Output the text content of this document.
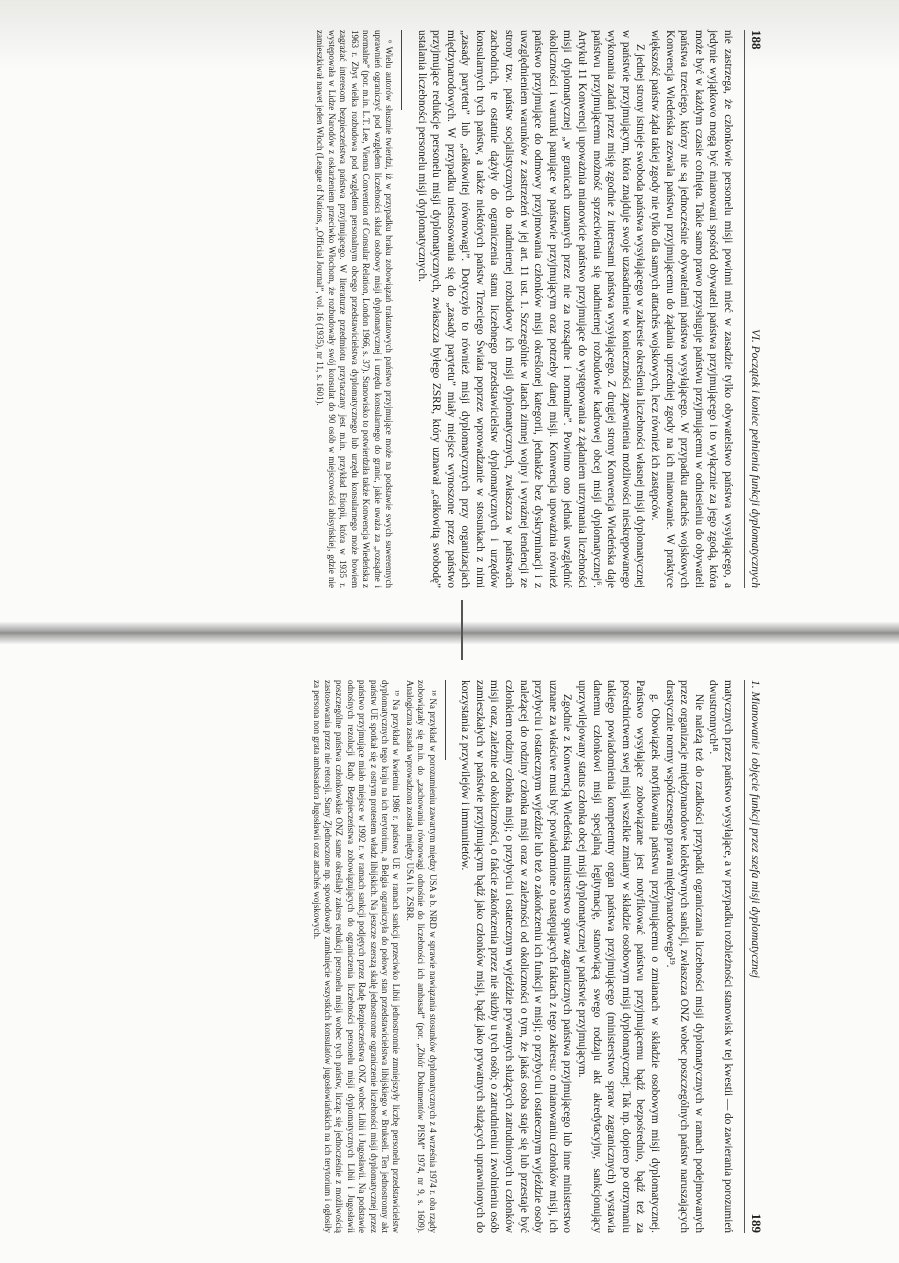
188
VI. Początek i koniec pełnienia funkcji dyplomatycznych

nie zastrzega, że członkowie personelu misji powinni mieć w zasadzie tylko obywatelstwo państwa wysyłającego, a jedynie wyjątkowo mogą być mianowani spośród obywateli państwa przyjmującego i to wyłącznie za jego zgodą, która może być w każdym czasie cofnięta. Takie samo prawo przysługuje państwu przyjmującemu w odniesieniu do obywateli państwa trzeciego, którzy nie są jednocześnie obywatelami państwa wysyłającego. W przypadku attachés wojskowych Konwencja Wiedeńska zezwala państwu przyjmującemu do żądania uprzedniej zgody na ich mianowanie. W praktyce większość państw żąda takiej zgody nie tylko dla samych attachés wojskowych, lecz również ich zastępców.

Z jednej strony istnieje swoboda państwa wysyłającego w zakresie określenia liczebności własnej misji dyplomatycznej w państwie przyjmującym, która znajduje swoje uzasadnienie w konieczności zapewnienia możliwości nieskrępowanego wykonania zadań przez misję zgodnie z interesami państwa wysyłającego. Z drugiej strony Konwencja Wiedeńska daje państwu przyjmującemu możność sprzeciwienia się nadmiernej rozbudowie kadrowej obcej misji dyplomatycznej⁶. Artykuł 11 Konwencji upoważnia mianowicie państwo przyjmujące do występowania z żądaniem utrzymania liczebności misji dyplomatycznej „w granicach uznanych przez nie za rozsądne i normalne”. Powinno ono jednak uwzględnić okoliczności i warunki panujące w państwie przyjmującym oraz potrzeby danej misji. Konwencja upoważnia również państwo przyjmujące do odmowy przyjmowania członków misji określonej kategorii, jednakże bez dyskryminacji i z uwzględnieniem warunków z zastrzeżeń w jej art. 11 ust. 1. Szczególnie w latach zimnej wojny i wyraźnej tendencji ze strony tzw. państw socjalistycznych do nadmiernej rozbudowy ich misji dyplomatycznych, zwłaszcza w państwach zachodnich, te ostatnie dążyły do ograniczenia stanu liczebnego przedstawicielstw dyplomatycznych i urzędów konsularnych tych państw, a także niektórych państw Trzeciego Świata poprzez wprowadzanie w stosunkach z nimi „zasady parytetu” lub „całkowitej równowagi”. Dotyczyło to również misji dyplomatycznych przy organizacjach międzynarodowych. W przypadku niestosowania się do „zasady parytetu” miały miejsce wynoszone przez państwo przyjmujące redukcje personelu misji dyplomatycznych, zwłaszcza byłego ZSRR, który uznawał „całkowitą swobodę” ustalania liczebności personelu misji dyplomatycznych.

⁶ Wielu autorów słusznie twierdzi, iż w przypadku braku zobowiązań traktatowych państwo przyjmujące może na podstawie swych suwerennych uprawnień ograniczyć pod względem liczebności skład osobowy misji dyplomatycznej i urzędu konsularnego do granic, jakie uważa za „rozsądne i normalne” (por. m.in. L.T. Lee, Vienna Convention of Consular Relation, London 1966, s. 37). Stanowisko to potwierdziła także Konwencja Wiedeńska z 1963 r. Zbyt wielka rozbudowa pod względem personalnym obcego przedstawicielstwa dyplomatycznego lub urzędu konsularnego może bowiem zagrażać interesom bezpieczeństwa państwa przyjmującego. W literaturze przedmiotu przytaczany jest m.in. przykład Etiopii, która w 1935 r. występowała w Lidze Narodów z oskarżeniem przeciwko Włochom, że rozbudowały swój konsulat do 90 osób w miejscowości abisyńskiej, gdzie nie zamieszkiwał nawet jeden Włoch (League of Nations, „Official Journal”, vol. 16 (1935), nr 11, s. 1601).

1. Mianowanie i objęcie funkcji przez szefa misji dyplomatycznej
189

matycznych przez państwo wysyłające, a w przypadku rozbieżności stanowisk w tej kwestii — do zawierania porozumień dwustronnych¹⁸.

Nie należą też do rzadkości przypadki ograniczania liczebności misji dyplomatycznych w ramach podejmowanych przez organizacje międzynarodowe kolektywnych sankcji, zwłaszcza ONZ wobec poszczególnych państw naruszających drastycznie normy współczesnego prawa międzynarodowego¹⁹.

g. Obowiązek notyfikowania państwu przyjmującemu o zmianach w składzie osobowym misji dyplomatycznej. Państwo wysyłające zobowiązane jest notyfikować państwu przyjmującemu bądź bezpośrednio, bądź też za pośrednictwem swej misji wszelkie zmiany w składzie osobowym misji dyplomatycznej. Tak np. dopiero po otrzymaniu takiego powiadomienia kompetentny organ państwa przyjmującego (ministerstwo spraw zagranicznych) wystawia danemu członkowi misji specjalną legitymację, stanowiącą swego rodzaju akt akredytacyjny, sankcjonujący uprzywilejowany status członka obcej misji dyplomatycznej w państwie przyjmującym.

Zgodnie z Konwencją Wiedeńską ministerstwo spraw zagranicznych państwa przyjmującego lub inne ministerstwo uznane za właściwe musi być powiadomione o następujących faktach z tego zakresu: o mianowaniu członków misji, ich przybyciu i ostatecznym wyjeździe lub też o zakończeniu ich funkcji w misji; o przybyciu i ostatecznym wyjeździe osoby należącej do rodziny członka misji oraz w zależności od okoliczności o tym, że jakaś osoba staje się lub przestaje być członkiem rodziny członka misji; o przybyciu i ostatecznym wyjeździe prywatnych służących zatrudnionych u członków misji oraz, zależnie od okoliczności, o fakcie zakończenia przez nie służby u tych osób; o zatrudnieniu i zwolnieniu osób zamieszkałych w państwie przyjmującym bądź jako członków misji, bądź jako prywatnych służących uprawnionych do korzystania z przywilejów i immunitetów.

¹⁸ Na przykład w porozumieniu zawartym między USA a b. NRD w sprawie nawiązania stosunków dyplomatycznych z 4 września 1974 r. oba rządy zobowiązały się m.in. do „zachowania równowagi odnośnie do liczebności ich ambasad” (por. „Zbiór Dokumentów PISM” 1974, nr 9, s. 1609). Analogiczna zasada wprowadzona została między USA i b. ZSRR.

¹⁹ Na przykład w kwietniu 1986 r. państwa UE w ramach sankcji przeciwko Libii jednostronnie zmniejszyły liczbę personelu przedstawicielstw dyplomatycznych tego kraju na ich terytorium, a Belgia ograniczyła do połowy stan przedstawicielstwa libijskiego w Brukseli. Ten jednostronny akt państw UE spotkał się z ostrym protestem władz libijskich. Na jeszcze szerszą skalę jednostronne ograniczenie liczebności misji dyplomatycznej przez państwo przyjmujące miało miejsce w 1992 r. w ramach sankcji podjętych przez Radę Bezpieczeństwa ONZ wobec Libii i Jugosławii. Na podstawie odnośnych rezolucji Rady Bezpieczeństwa zobowiązujących do ograniczenia liczebności personelu misji dyplomatycznych Libii i Jugosławii poszczególne państwa członkowskie ONZ same określały zakres redukcji personelu misji wobec tych państw, licząc się jednocześnie z możliwością zastosowania przez nie retorsji. Stany Zjednoczone np. spowodowały zamknięcie wszystkich konsulatów jugosłowiańskich na ich terytorium i ogłosiły za persona non grata ambasadora Jugosławii oraz attachés wojskowych.
